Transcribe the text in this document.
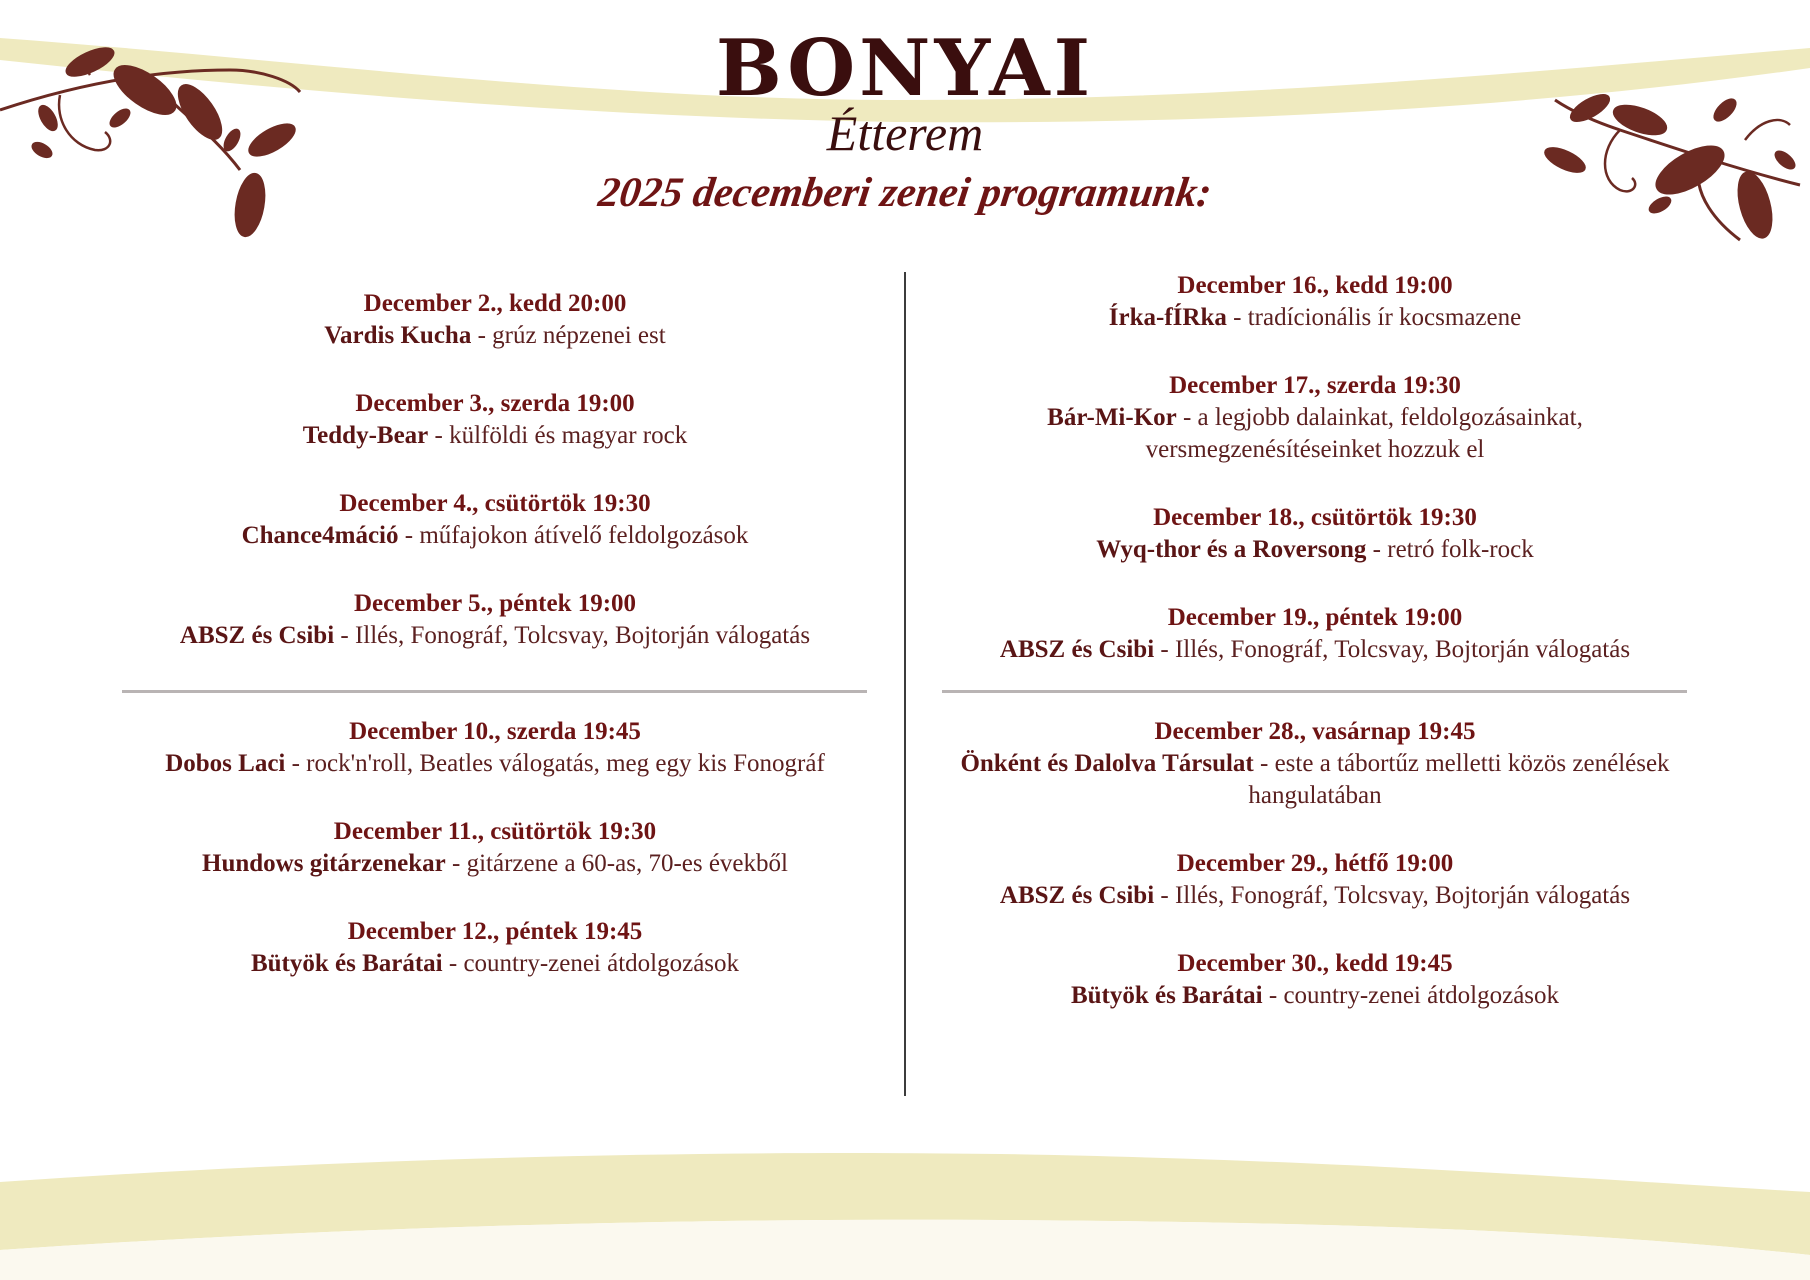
BONYAI
Étterem
2025 decemberi zenei programunk:
December 2., kedd 20:00
Vardis Kucha - grúz népzenei est
December 3., szerda 19:00
Teddy-Bear - külföldi és magyar rock
December 4., csütörtök 19:30
Chance4máció - műfajokon átívelő feldolgozások
December 5., péntek 19:00
ABSZ és Csibi - Illés, Fonográf, Tolcsvay, Bojtorján válogatás
December 10., szerda 19:45
Dobos Laci - rock'n'roll, Beatles válogatás, meg egy kis Fonográf
December 11., csütörtök 19:30
Hundows gitárzenekar - gitárzene a 60-as, 70-es évekből
December 12., péntek 19:45
Bütyök és Barátai - country-zenei átdolgozások
December 16., kedd 19:00
Írka-fÍRka - tradícionális ír kocsmazene
December 17., szerda 19:30
Bár-Mi-Kor - a legjobb dalainkat, feldolgozásainkat, versmegzenésítéseinket hozzuk el
December 18., csütörtök 19:30
Wyq-thor és a Roversong - retró folk-rock
December 19., péntek 19:00
ABSZ és Csibi - Illés, Fonográf, Tolcsvay, Bojtorján válogatás
December 28., vasárnap 19:45
Önként és Dalolva Társulat - este a tábortűz melletti közös zenélések hangulatában
December 29., hétfő 19:00
ABSZ és Csibi - Illés, Fonográf, Tolcsvay, Bojtorján válogatás
December 30., kedd 19:45
Bütyök és Barátai - country-zenei átdolgozások
